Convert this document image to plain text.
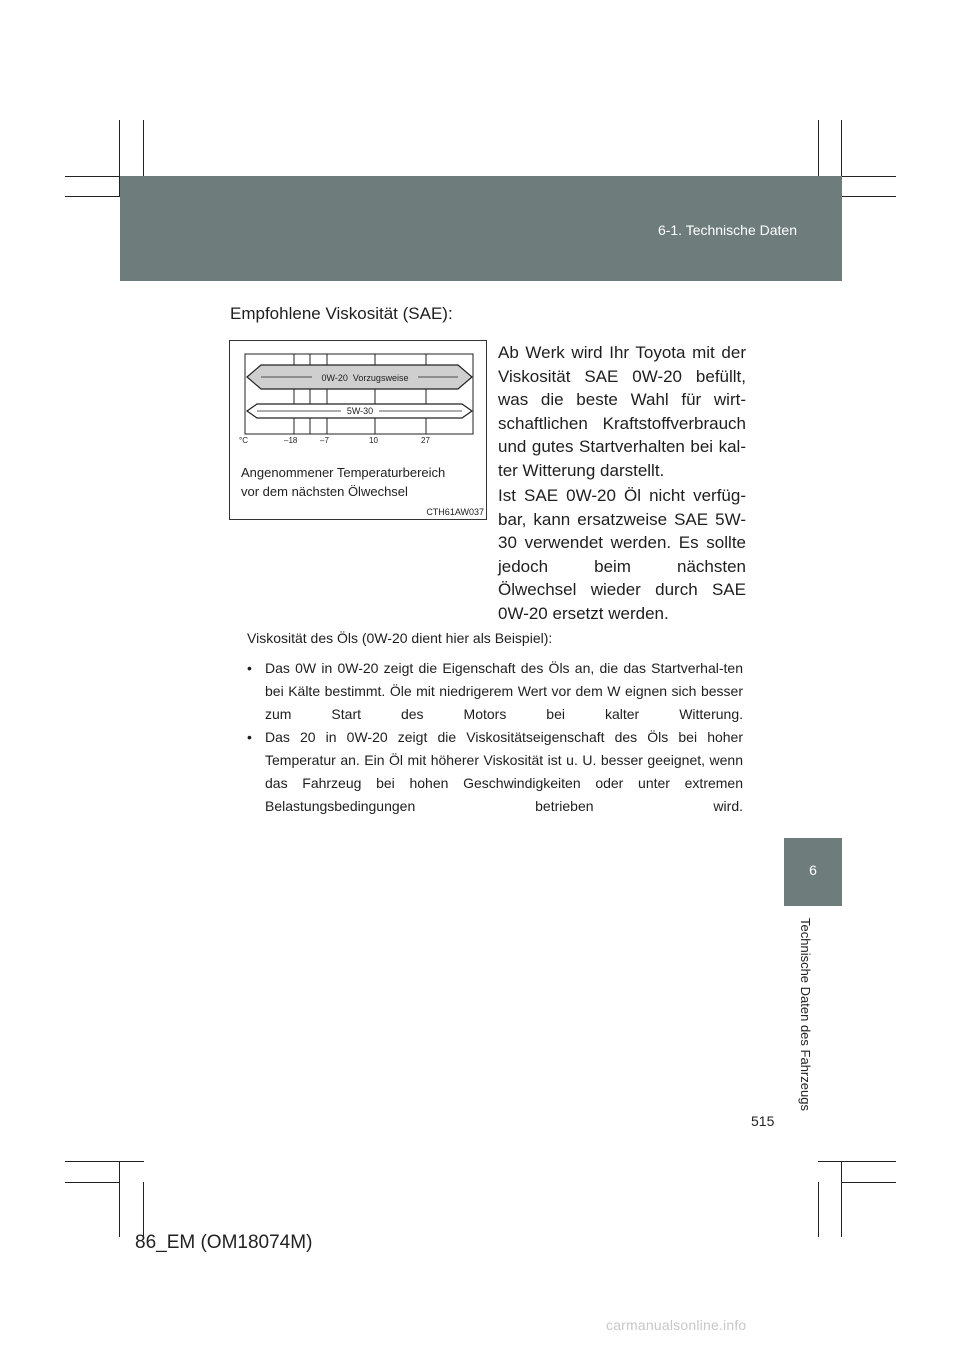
6-1. Technische Daten
6
Technische Daten des Fahrzeugs
Empfohlene Viskosität (SAE):
0W-20 Vorzugsweise
5W-30
°C	–18	–7	10	27
Angenommener Temperaturbereich
vor dem nächsten Ölwechsel
CTH61AW037
Ab Werk wird Ihr Toyota mit der Viskosität SAE 0W-20 befüllt, was die beste Wahl für wirt-schaftlichen Kraftstoffverbrauch und gutes Startverhalten bei kal-ter Witterung darstellt.
Ist SAE 0W-20 Öl nicht verfüg-bar, kann ersatzweise SAE 5W-30 verwendet werden. Es sollte jedoch beim nächsten Ölwechsel wieder durch SAE 0W-20 ersetzt werden.
Viskosität des Öls (0W-20 dient hier als Beispiel):
• Das 0W in 0W-20 zeigt die Eigenschaft des Öls an, die das Startverhal-ten bei Kälte bestimmt. Öle mit niedrigerem Wert vor dem W eignen sich besser zum Start des Motors bei kalter Witterung.
• Das 20 in 0W-20 zeigt die Viskositätseigenschaft des Öls bei hoher Temperatur an. Ein Öl mit höherer Viskosität ist u. U. besser geeignet, wenn das Fahrzeug bei hohen Geschwindigkeiten oder unter extremen Belastungsbedingungen betrieben wird.
515
86_EM (OM18074M)
carmanualsonline.info
